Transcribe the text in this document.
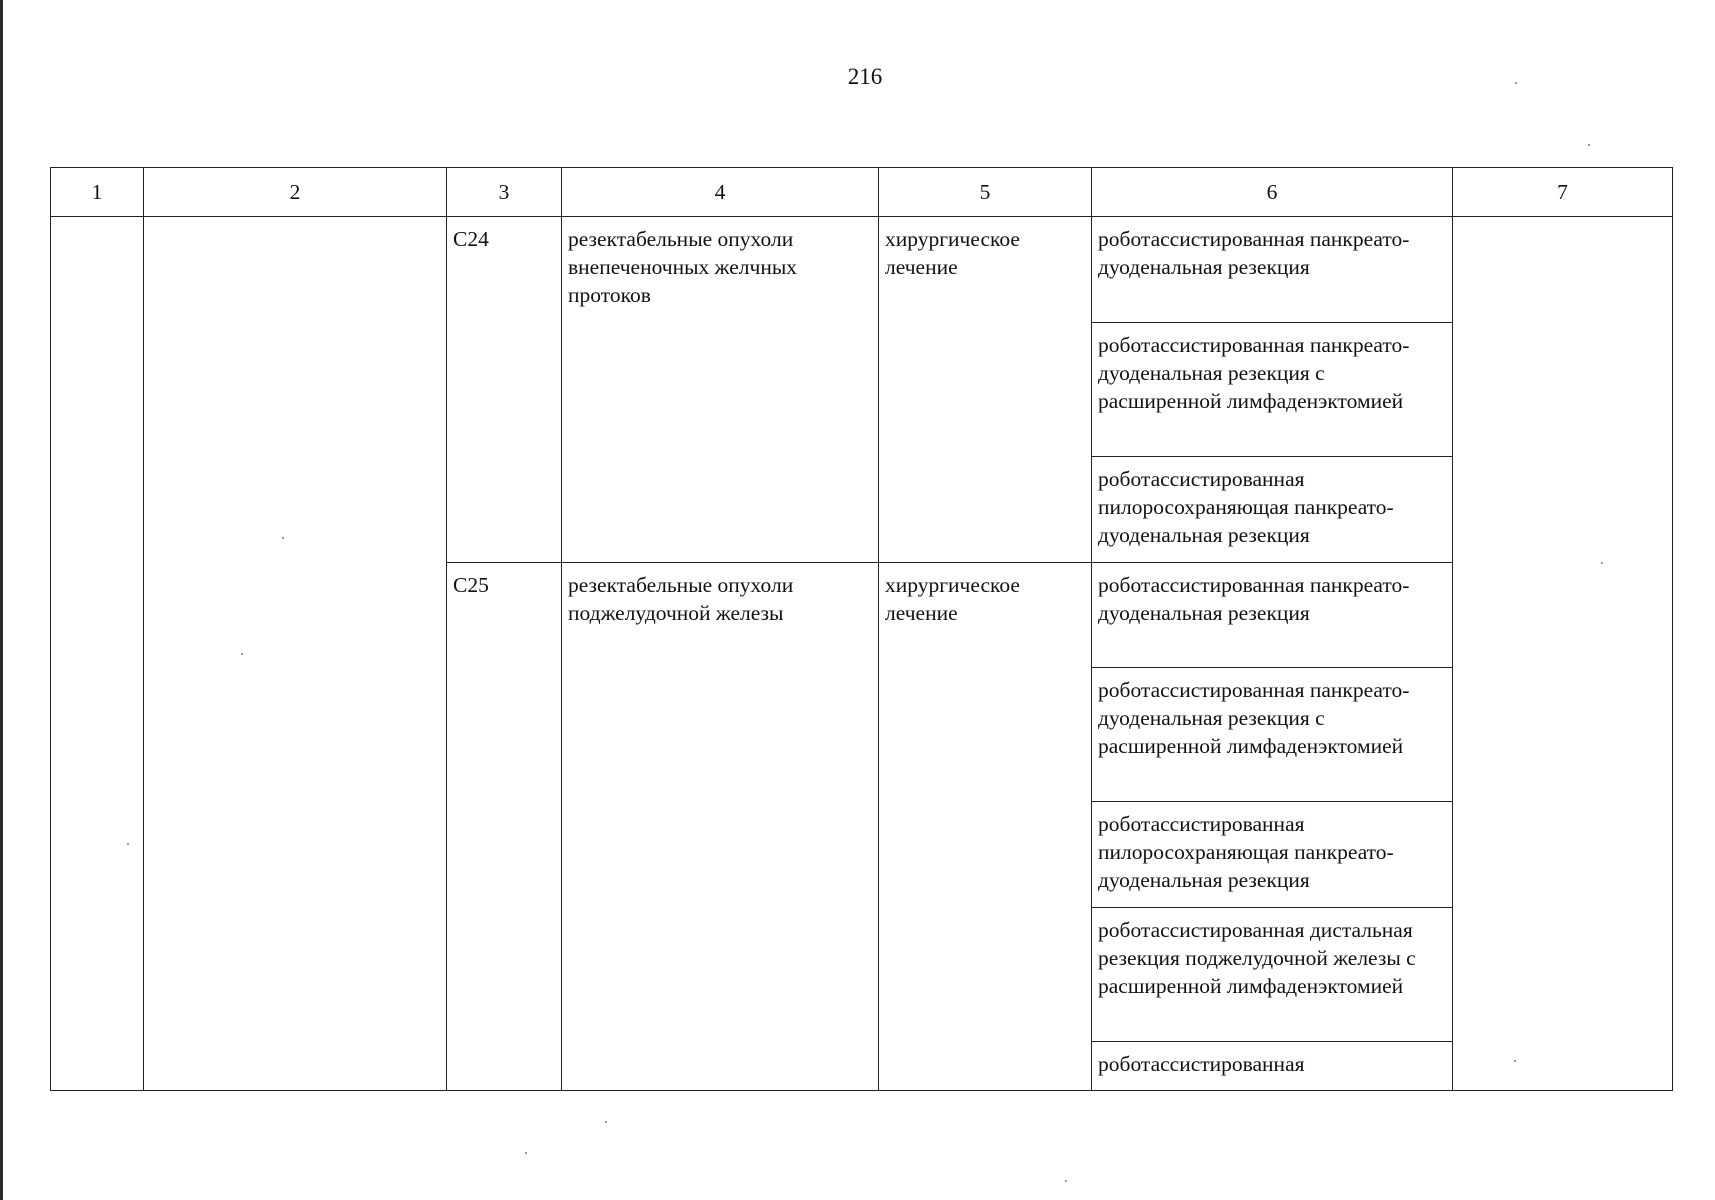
216
1	2	3	4	5	6	7
		C24	резектабельные опухоли внепеченочных желчных протоков	хирургическое лечение	роботассистированная панкреато-дуоденальная резекция	
					роботассистированная панкреато-дуоденальная резекция с расширенной лимфаденэктомией	
					роботассистированная пилоросохраняющая панкреато-дуоденальная резекция	
		C25	резектабельные опухоли поджелудочной железы	хирургическое лечение	роботассистированная панкреато-дуоденальная резекция	
					роботассистированная панкреато-дуоденальная резекция с расширенной лимфаденэктомией	
					роботассистированная пилоросохраняющая панкреато-дуоденальная резекция	
					роботассистированная дистальная резекция поджелудочной железы с расширенной лимфаденэктомией	
					роботассистированная	
